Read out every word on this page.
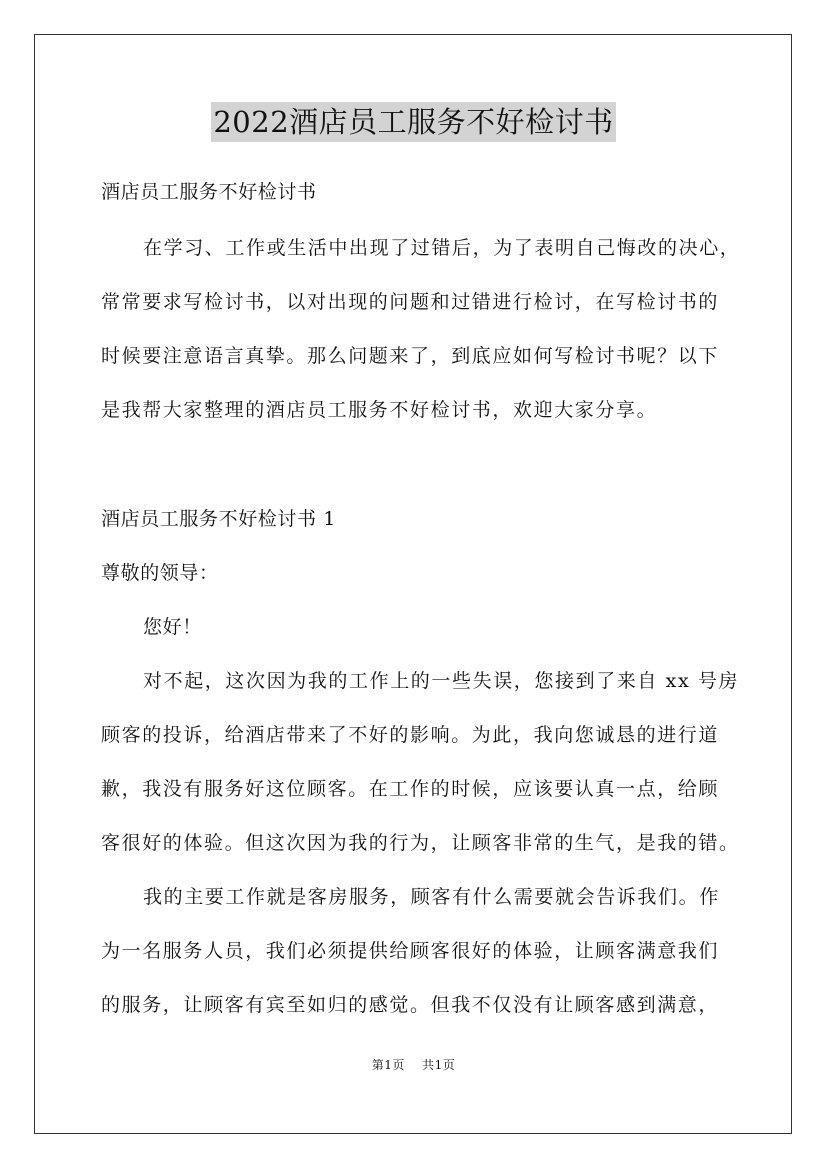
2022酒店员工服务不好检讨书
酒店员工服务不好检讨书
在学习、工作或生活中出现了过错后，为了表明自己悔改的决心，
常常要求写检讨书，以对出现的问题和过错进行检讨，在写检讨书的
时候要注意语言真挚。那么问题来了，到底应如何写检讨书呢？以下
是我帮大家整理的酒店员工服务不好检讨书，欢迎大家分享。
酒店员工服务不好检讨书 1
尊敬的领导：
您好！
对不起，这次因为我的工作上的一些失误，您接到了来自 xx 号房
顾客的投诉，给酒店带来了不好的影响。为此，我向您诚恳的进行道
歉，我没有服务好这位顾客。在工作的时候，应该要认真一点，给顾
客很好的体验。但这次因为我的行为，让顾客非常的生气，是我的错。
我的主要工作就是客房服务，顾客有什么需要就会告诉我们。作
为一名服务人员，我们必须提供给顾客很好的体验，让顾客满意我们
的服务，让顾客有宾至如归的感觉。但我不仅没有让顾客感到满意，
第1页 共1页
